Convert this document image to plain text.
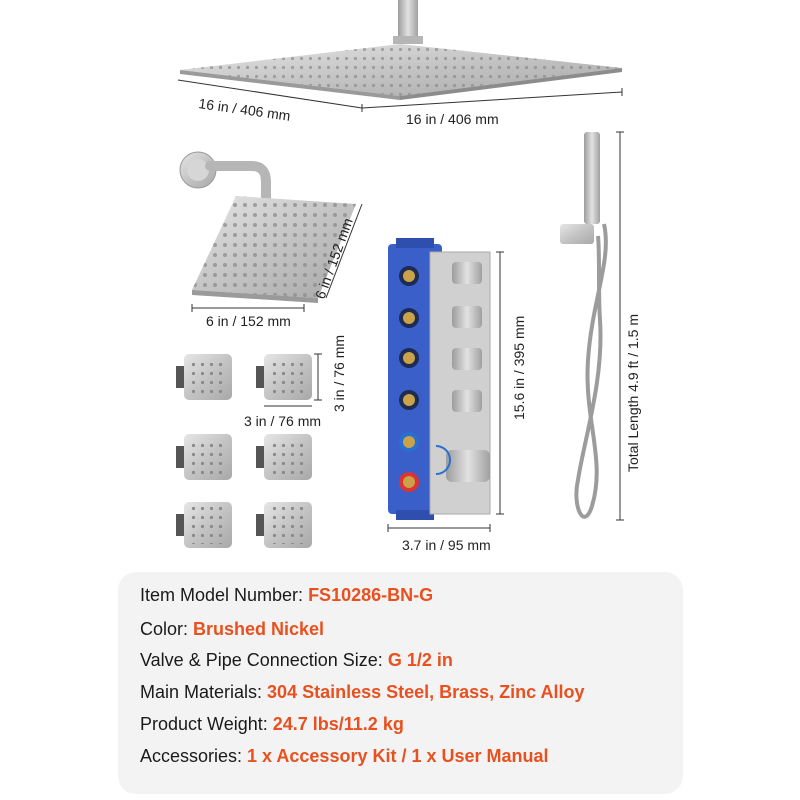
16 in / 406 mm	16 in / 406 mm
6 in / 152 mm
6 in / 152 mm
3 in / 76 mm
3 in / 76 mm
15.6 in / 395 mm
3.7 in / 95 mm
Total Length 4.9 ft / 1.5 m
Item Model Number: FS10286-BN-G
Color: Brushed Nickel
Valve & Pipe Connection Size: G 1/2 in
Main Materials: 304 Stainless Steel, Brass, Zinc Alloy
Product Weight: 24.7 lbs/11.2 kg
Accessories: 1 x Accessory Kit / 1 x User Manual
